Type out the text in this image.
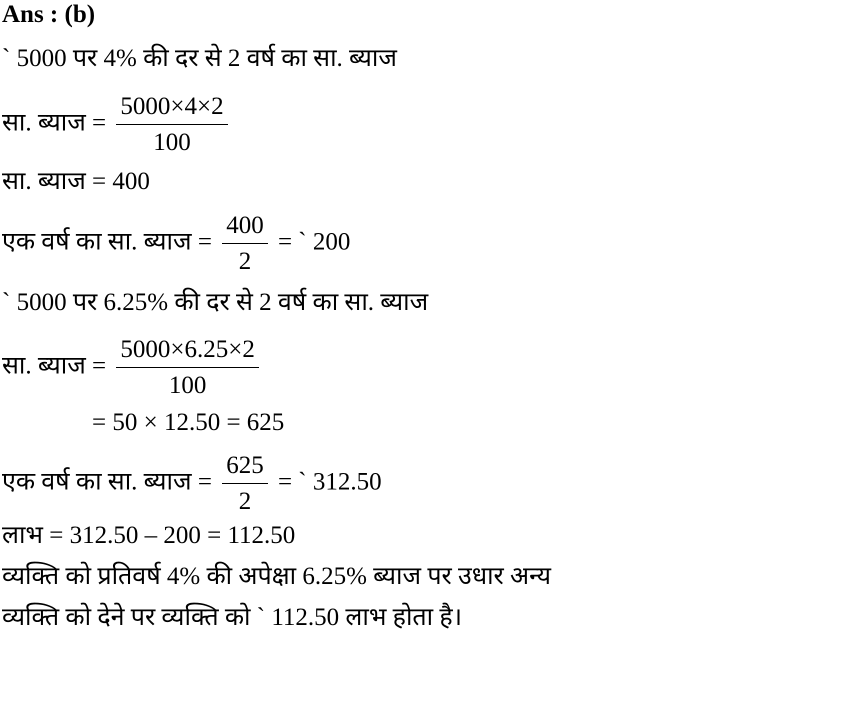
Ans : (b)
` 5000 पर 4% की दर से 2 वर्ष का सा. ब्याज
सा. ब्याज = $\frac{5000\times 4\times 2}{100}$
सा. ब्याज = 400
एक वर्ष का सा. ब्याज = $\frac{400}{2}$ = ` 200
` 5000 पर 6.25% की दर से 2 वर्ष का सा. ब्याज
सा. ब्याज = $\frac{5000\times 6.25\times 2}{100}$
= 50 × 12.50 = 625
एक वर्ष का सा. ब्याज = $\frac{625}{2}$ = ` 312.50
लाभ = 312.50 – 200 = 112.50
व्यक्ति को प्रतिवर्ष 4% की अपेक्षा 6.25% ब्याज पर उधार अन्य
व्यक्ति को देने पर व्यक्ति को ` 112.50 लाभ होता है।
